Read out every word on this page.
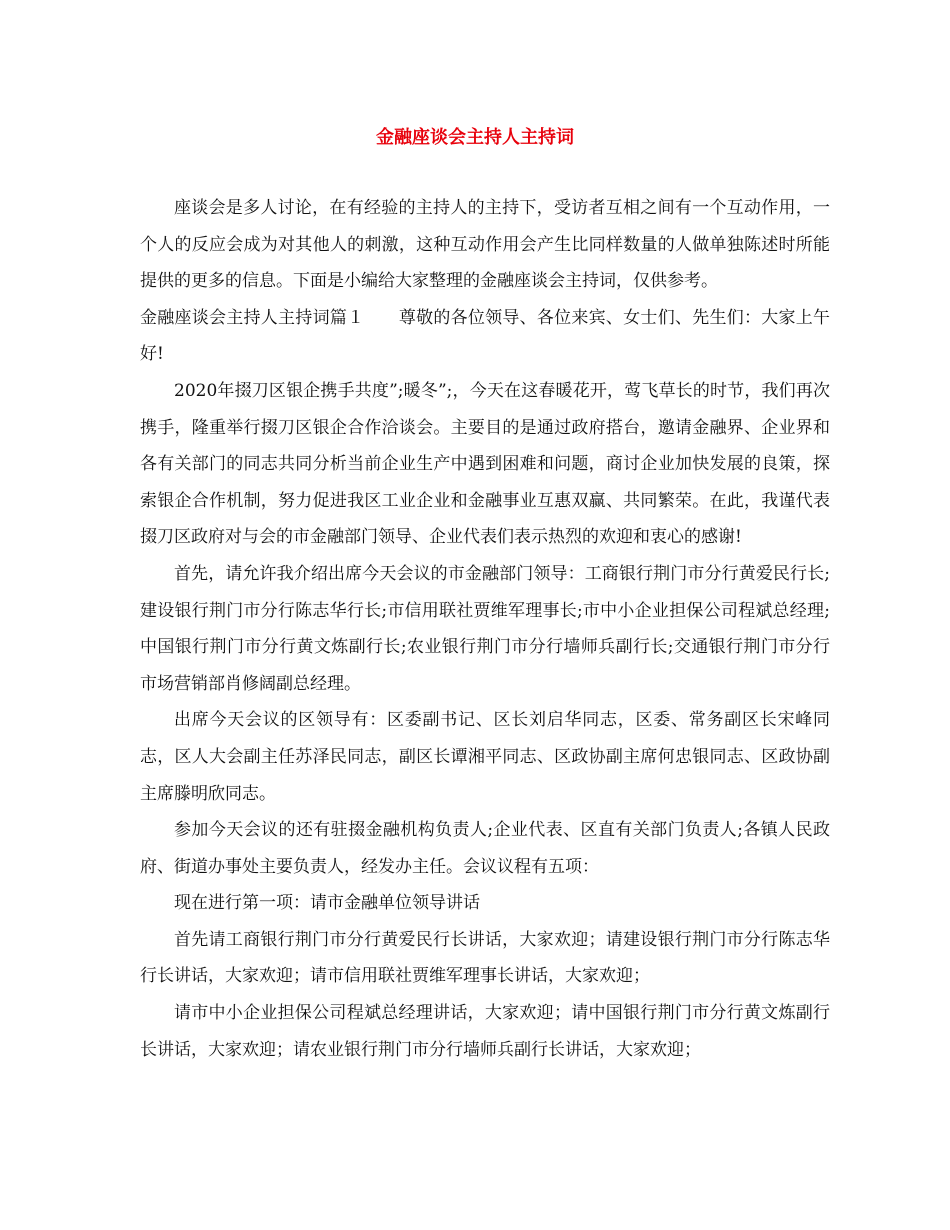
金融座谈会主持人主持词

座谈会是多人讨论，在有经验的主持人的主持下，受访者互相之间有一个互动作用，一个人的反应会成为对其他人的刺激，这种互动作用会产生比同样数量的人做单独陈述时所能提供的更多的信息。下面是小编给大家整理的金融座谈会主持词，仅供参考。

金融座谈会主持人主持词篇１　　尊敬的各位领导、各位来宾、女士们、先生们：大家上午好!

2020年掇刀区银企携手共度”;暖冬”;，今天在这春暖花开，莺飞草长的时节，我们再次携手，隆重举行掇刀区银企合作洽谈会。主要目的是通过政府搭台，邀请金融界、企业界和各有关部门的同志共同分析当前企业生产中遇到困难和问题，商讨企业加快发展的良策，探索银企合作机制，努力促进我区工业企业和金融事业互惠双赢、共同繁荣。在此，我谨代表掇刀区政府对与会的市金融部门领导、企业代表们表示热烈的欢迎和衷心的感谢!

首先，请允许我介绍出席今天会议的市金融部门领导：工商银行荆门市分行黄爱民行长;建设银行荆门市分行陈志华行长;市信用联社贾维军理事长;市中小企业担保公司程斌总经理;中国银行荆门市分行黄文炼副行长;农业银行荆门市分行墙师兵副行长;交通银行荆门市分行市场营销部肖修阔副总经理。

出席今天会议的区领导有：区委副书记、区长刘启华同志，区委、常务副区长宋峰同志，区人大会副主任苏泽民同志，副区长谭湘平同志、区政协副主席何忠银同志、区政协副主席滕明欣同志。

参加今天会议的还有驻掇金融机构负责人;企业代表、区直有关部门负责人;各镇人民政府、街道办事处主要负责人，经发办主任。会议议程有五项：

现在进行第一项：请市金融单位领导讲话

首先请工商银行荆门市分行黄爱民行长讲话，大家欢迎；请建设银行荆门市分行陈志华行长讲话，大家欢迎；请市信用联社贾维军理事长讲话，大家欢迎；

请市中小企业担保公司程斌总经理讲话，大家欢迎；请中国银行荆门市分行黄文炼副行长讲话，大家欢迎；请农业银行荆门市分行墙师兵副行长讲话，大家欢迎；
